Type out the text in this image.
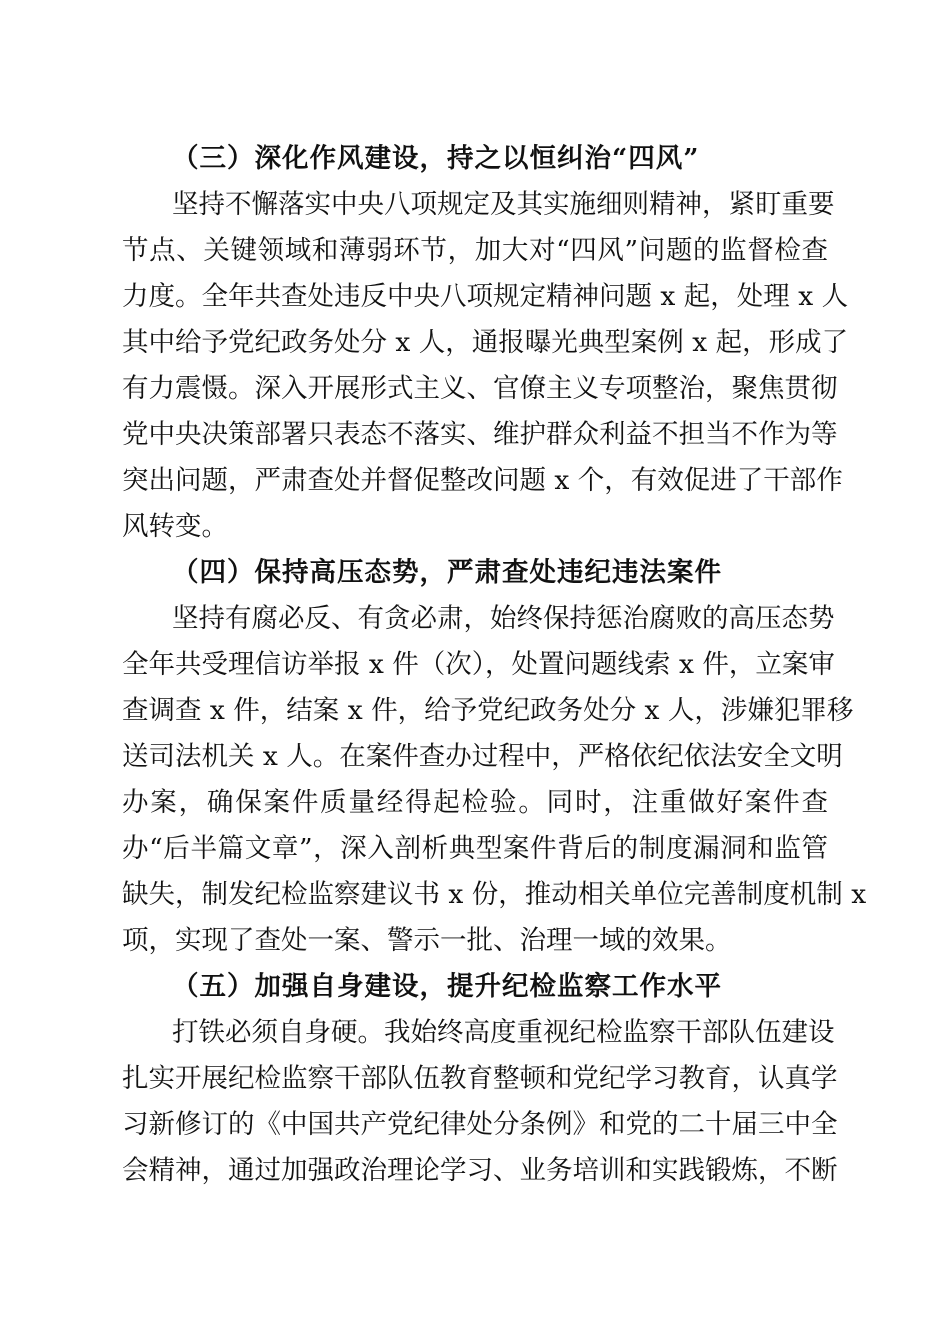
（三）深化作风建设，持之以恒纠治“四风”
坚持不懈落实中央八项规定及其实施细则精神，紧盯重要
节点、关键领域和薄弱环节，加大对“四风”问题的监督检查
力度。全年共查处违反中央八项规定精神问题 x 起，处理 x 人
其中给予党纪政务处分 x 人，通报曝光典型案例 x 起，形成了
有力震慑。深入开展形式主义、官僚主义专项整治，聚焦贯彻
党中央决策部署只表态不落实、维护群众利益不担当不作为等
突出问题，严肃查处并督促整改问题 x 个，有效促进了干部作
风转变。
（四）保持高压态势，严肃查处违纪违法案件
坚持有腐必反、有贪必肃，始终保持惩治腐败的高压态势
全年共受理信访举报 x 件（次），处置问题线索 x 件，立案审
查调查 x 件，结案 x 件，给予党纪政务处分 x 人，涉嫌犯罪移
送司法机关 x 人。在案件查办过程中，严格依纪依法安全文明
办案，确保案件质量经得起检验。同时，注重做好案件查
办“后半篇文章”，深入剖析典型案件背后的制度漏洞和监管
缺失，制发纪检监察建议书 x 份，推动相关单位完善制度机制 x
项，实现了查处一案、警示一批、治理一域的效果。
（五）加强自身建设，提升纪检监察工作水平
打铁必须自身硬。我始终高度重视纪检监察干部队伍建设
扎实开展纪检监察干部队伍教育整顿和党纪学习教育，认真学
习新修订的《中国共产党纪律处分条例》和党的二十届三中全
会精神，通过加强政治理论学习、业务培训和实践锻炼，不断
